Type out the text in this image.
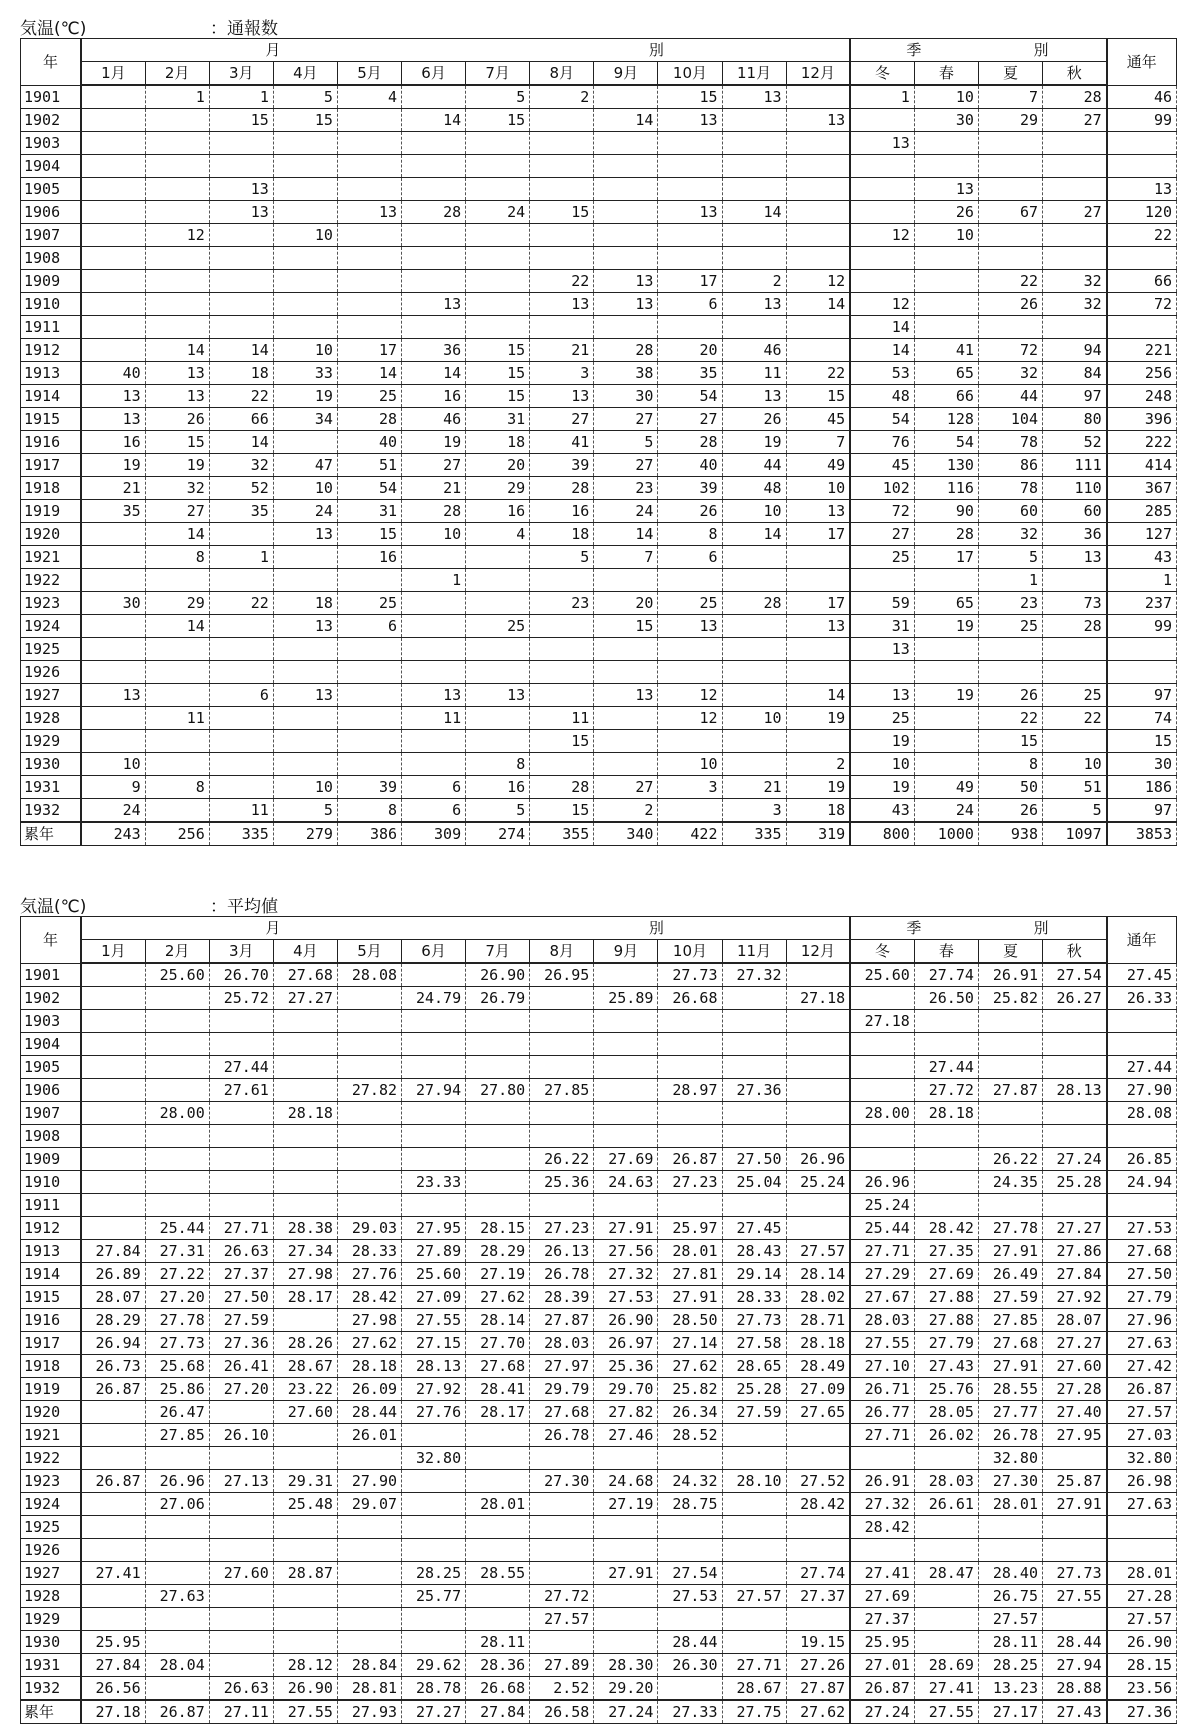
気温(℃)	：通報数
年	月 別												季 別				通年
	1月	2月	3月	4月	5月	6月	7月	8月	9月	10月	11月	12月	冬	春	夏	秋	
1901		1	1	5	4		5	2		15	13		1	10	7	28	46
1902			15	15		14	15		14	13		13		30	29	27	99
1903													13				
1904																	
1905			13											13			13
1906			13		13	28	24	15		13	14			26	67	27	120
1907		12		10									12	10			22
1908																	
1909								22	13	17	2	12			22	32	66
1910						13		13	13	6	13	14	12		26	32	72
1911													14				
1912		14	14	10	17	36	15	21	28	20	46		14	41	72	94	221
1913	40	13	18	33	14	14	15	3	38	35	11	22	53	65	32	84	256
1914	13	13	22	19	25	16	15	13	30	54	13	15	48	66	44	97	248
1915	13	26	66	34	28	46	31	27	27	27	26	45	54	128	104	80	396
1916	16	15	14		40	19	18	41	5	28	19	7	76	54	78	52	222
1917	19	19	32	47	51	27	20	39	27	40	44	49	45	130	86	111	414
1918	21	32	52	10	54	21	29	28	23	39	48	10	102	116	78	110	367
1919	35	27	35	24	31	28	16	16	24	26	10	13	72	90	60	60	285
1920		14		13	15	10	4	18	14	8	14	17	27	28	32	36	127
1921		8	1		16			5	7	6			25	17	5	13	43
1922						1									1		1
1923	30	29	22	18	25			23	20	25	28	17	59	65	23	73	237
1924		14		13	6		25		15	13		13	31	19	25	28	99
1925													13				
1926																	
1927	13		6	13		13	13		13	12		14	13	19	26	25	97
1928		11				11		11		12	10	19	25		22	22	74
1929								15					19		15		15
1930	10						8			10		2	10		8	10	30
1931	9	8		10	39	6	16	28	27	3	21	19	19	49	50	51	186
1932	24		11	5	8	6	5	15	2		3	18	43	24	26	5	97
累年	243	256	335	279	386	309	274	355	340	422	335	319	800	1000	938	1097	3853
気温(℃)	：平均値
年	月 別												季 別				通年
	1月	2月	3月	4月	5月	6月	7月	8月	9月	10月	11月	12月	冬	春	夏	秋	
1901		25.60	26.70	27.68	28.08		26.90	26.95		27.73	27.32		25.60	27.74	26.91	27.54	27.45
1902			25.72	27.27		24.79	26.79		25.89	26.68		27.18		26.50	25.82	26.27	26.33
1903													27.18				
1904																	
1905			27.44											27.44			27.44
1906			27.61		27.82	27.94	27.80	27.85		28.97	27.36			27.72	27.87	28.13	27.90
1907		28.00		28.18									28.00	28.18			28.08
1908																	
1909								26.22	27.69	26.87	27.50	26.96			26.22	27.24	26.85
1910						23.33		25.36	24.63	27.23	25.04	25.24	26.96		24.35	25.28	24.94
1911													25.24				
1912		25.44	27.71	28.38	29.03	27.95	28.15	27.23	27.91	25.97	27.45		25.44	28.42	27.78	27.27	27.53
1913	27.84	27.31	26.63	27.34	28.33	27.89	28.29	26.13	27.56	28.01	28.43	27.57	27.71	27.35	27.91	27.86	27.68
1914	26.89	27.22	27.37	27.98	27.76	25.60	27.19	26.78	27.32	27.81	29.14	28.14	27.29	27.69	26.49	27.84	27.50
1915	28.07	27.20	27.50	28.17	28.42	27.09	27.62	28.39	27.53	27.91	28.33	28.02	27.67	27.88	27.59	27.92	27.79
1916	28.29	27.78	27.59		27.98	27.55	28.14	27.87	26.90	28.50	27.73	28.71	28.03	27.88	27.85	28.07	27.96
1917	26.94	27.73	27.36	28.26	27.62	27.15	27.70	28.03	26.97	27.14	27.58	28.18	27.55	27.79	27.68	27.27	27.63
1918	26.73	25.68	26.41	28.67	28.18	28.13	27.68	27.97	25.36	27.62	28.65	28.49	27.10	27.43	27.91	27.60	27.42
1919	26.87	25.86	27.20	23.22	26.09	27.92	28.41	29.79	29.70	25.82	25.28	27.09	26.71	25.76	28.55	27.28	26.87
1920		26.47		27.60	28.44	27.76	28.17	27.68	27.82	26.34	27.59	27.65	26.77	28.05	27.77	27.40	27.57
1921		27.85	26.10		26.01			26.78	27.46	28.52			27.71	26.02	26.78	27.95	27.03
1922						32.80									32.80		32.80
1923	26.87	26.96	27.13	29.31	27.90			27.30	24.68	24.32	28.10	27.52	26.91	28.03	27.30	25.87	26.98
1924		27.06		25.48	29.07		28.01		27.19	28.75		28.42	27.32	26.61	28.01	27.91	27.63
1925													28.42				
1926																	
1927	27.41		27.60	28.87		28.25	28.55		27.91	27.54		27.74	27.41	28.47	28.40	27.73	28.01
1928		27.63				25.77		27.72		27.53	27.57	27.37	27.69		26.75	27.55	27.28
1929								27.57					27.37		27.57		27.57
1930	25.95						28.11			28.44		19.15	25.95		28.11	28.44	26.90
1931	27.84	28.04		28.12	28.84	29.62	28.36	27.89	28.30	26.30	27.71	27.26	27.01	28.69	28.25	27.94	28.15
1932	26.56		26.63	26.90	28.81	28.78	26.68	2.52	29.20		28.67	27.87	26.87	27.41	13.23	28.88	23.56
累年	27.18	26.87	27.11	27.55	27.93	27.27	27.84	26.58	27.24	27.33	27.75	27.62	27.24	27.55	27.17	27.43	27.36
